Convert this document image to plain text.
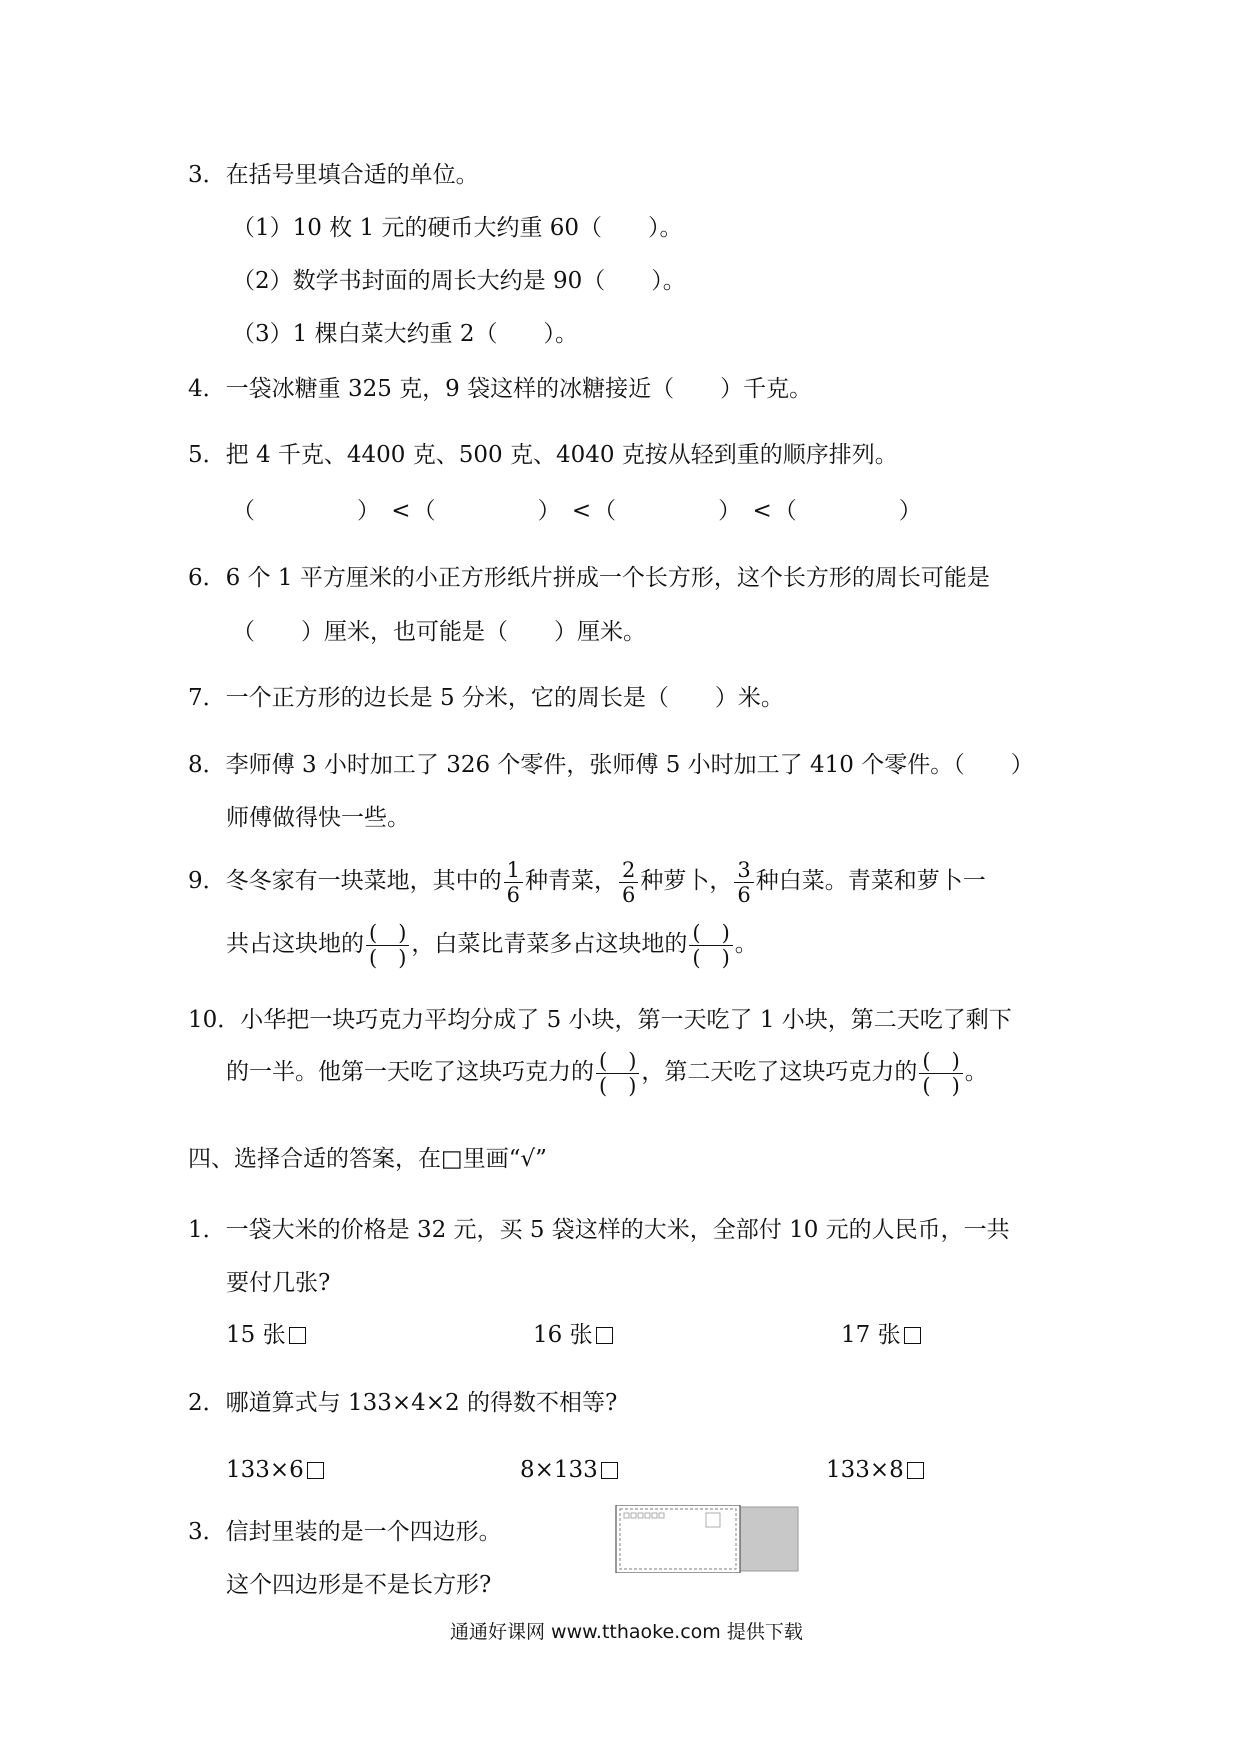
3．在括号里填合适的单位。
（1）10 枚 1 元的硬币大约重 60（　　）。
（2）数学书封面的周长大约是 90（　　）。
（3）1 棵白菜大约重 2（　　）。
4．一袋冰糖重 325 克，9 袋这样的冰糖接近（　　）千克。
5．把 4 千克、4400 克、500 克、4040 克按从轻到重的顺序排列。
（　　　　） <（　　　　） <（　　　　） <（　　　　）
6．6 个 1 平方厘米的小正方形纸片拼成一个长方形，这个长方形的周长可能是
（　　）厘米，也可能是（　　）厘米。
7．一个正方形的边长是 5 分米，它的周长是（　　）米。
8．李师傅 3 小时加工了 326 个零件，张师傅 5 小时加工了 410 个零件。（　　）
师傅做得快一些。
9．冬冬家有一块菜地，其中的 $\frac{1}{6}$ 种青菜， $\frac{2}{6}$ 种萝卜， $\frac{3}{6}$ 种白菜。青菜和萝卜一
共占这块地的 $\frac{( )}{( )}$ ，白菜比青菜多占这块地的 $\frac{( )}{( )}$ 。
10．小华把一块巧克力平均分成了 5 小块，第一天吃了 1 小块，第二天吃了剩下
的一半。他第一天吃了这块巧克力的 $\frac{( )}{( )}$ ，第二天吃了这块巧克力的 $\frac{( )}{( )}$ 。
四、选择合适的答案，在□里画“√”
1．一袋大米的价格是 32 元，买 5 袋这样的大米，全部付 10 元的人民币，一共
要付几张?
15 张	16 张	17 张
2．哪道算式与 133×4×2 的得数不相等?
133×6	8×133	133×8
3．信封里装的是一个四边形。
这个四边形是不是长方形?
通通好课网 www.tthaoke.com 提供下载
